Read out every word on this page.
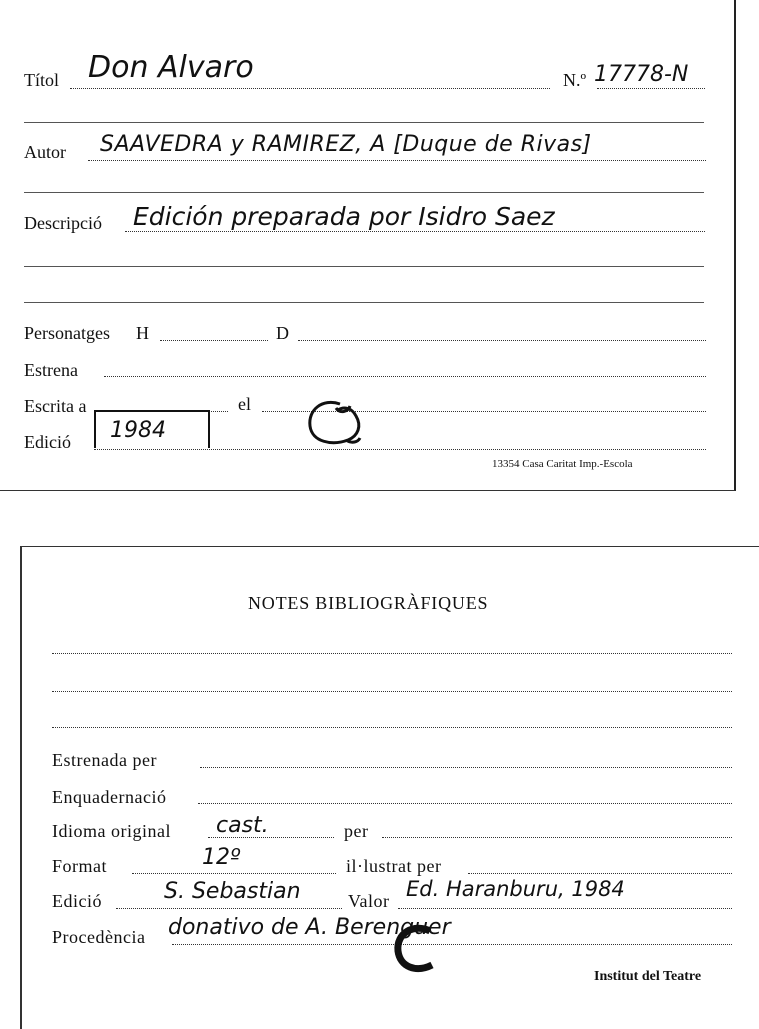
Títol Don Alvaro	N.º 17778-N
Autor SAAVEDRA y RAMIREZ, A [Duque de Rivas]
Descripció Edición preparada por Isidro Saez
Personatges H	D
Estrena
Escrita a	el
Edició 1984
13354 Casa Caritat Imp.-Escola
NOTES BIBLIOGRÀFIQUES
Estrenada per
Enquadernació
Idioma original cast.	per
Format	12º	il·lustrat per
Edició	S. Sebastian	Valor Ed. Haranburu, 1984
Procedència donativo de A. Berenguer
Institut del Teatre
